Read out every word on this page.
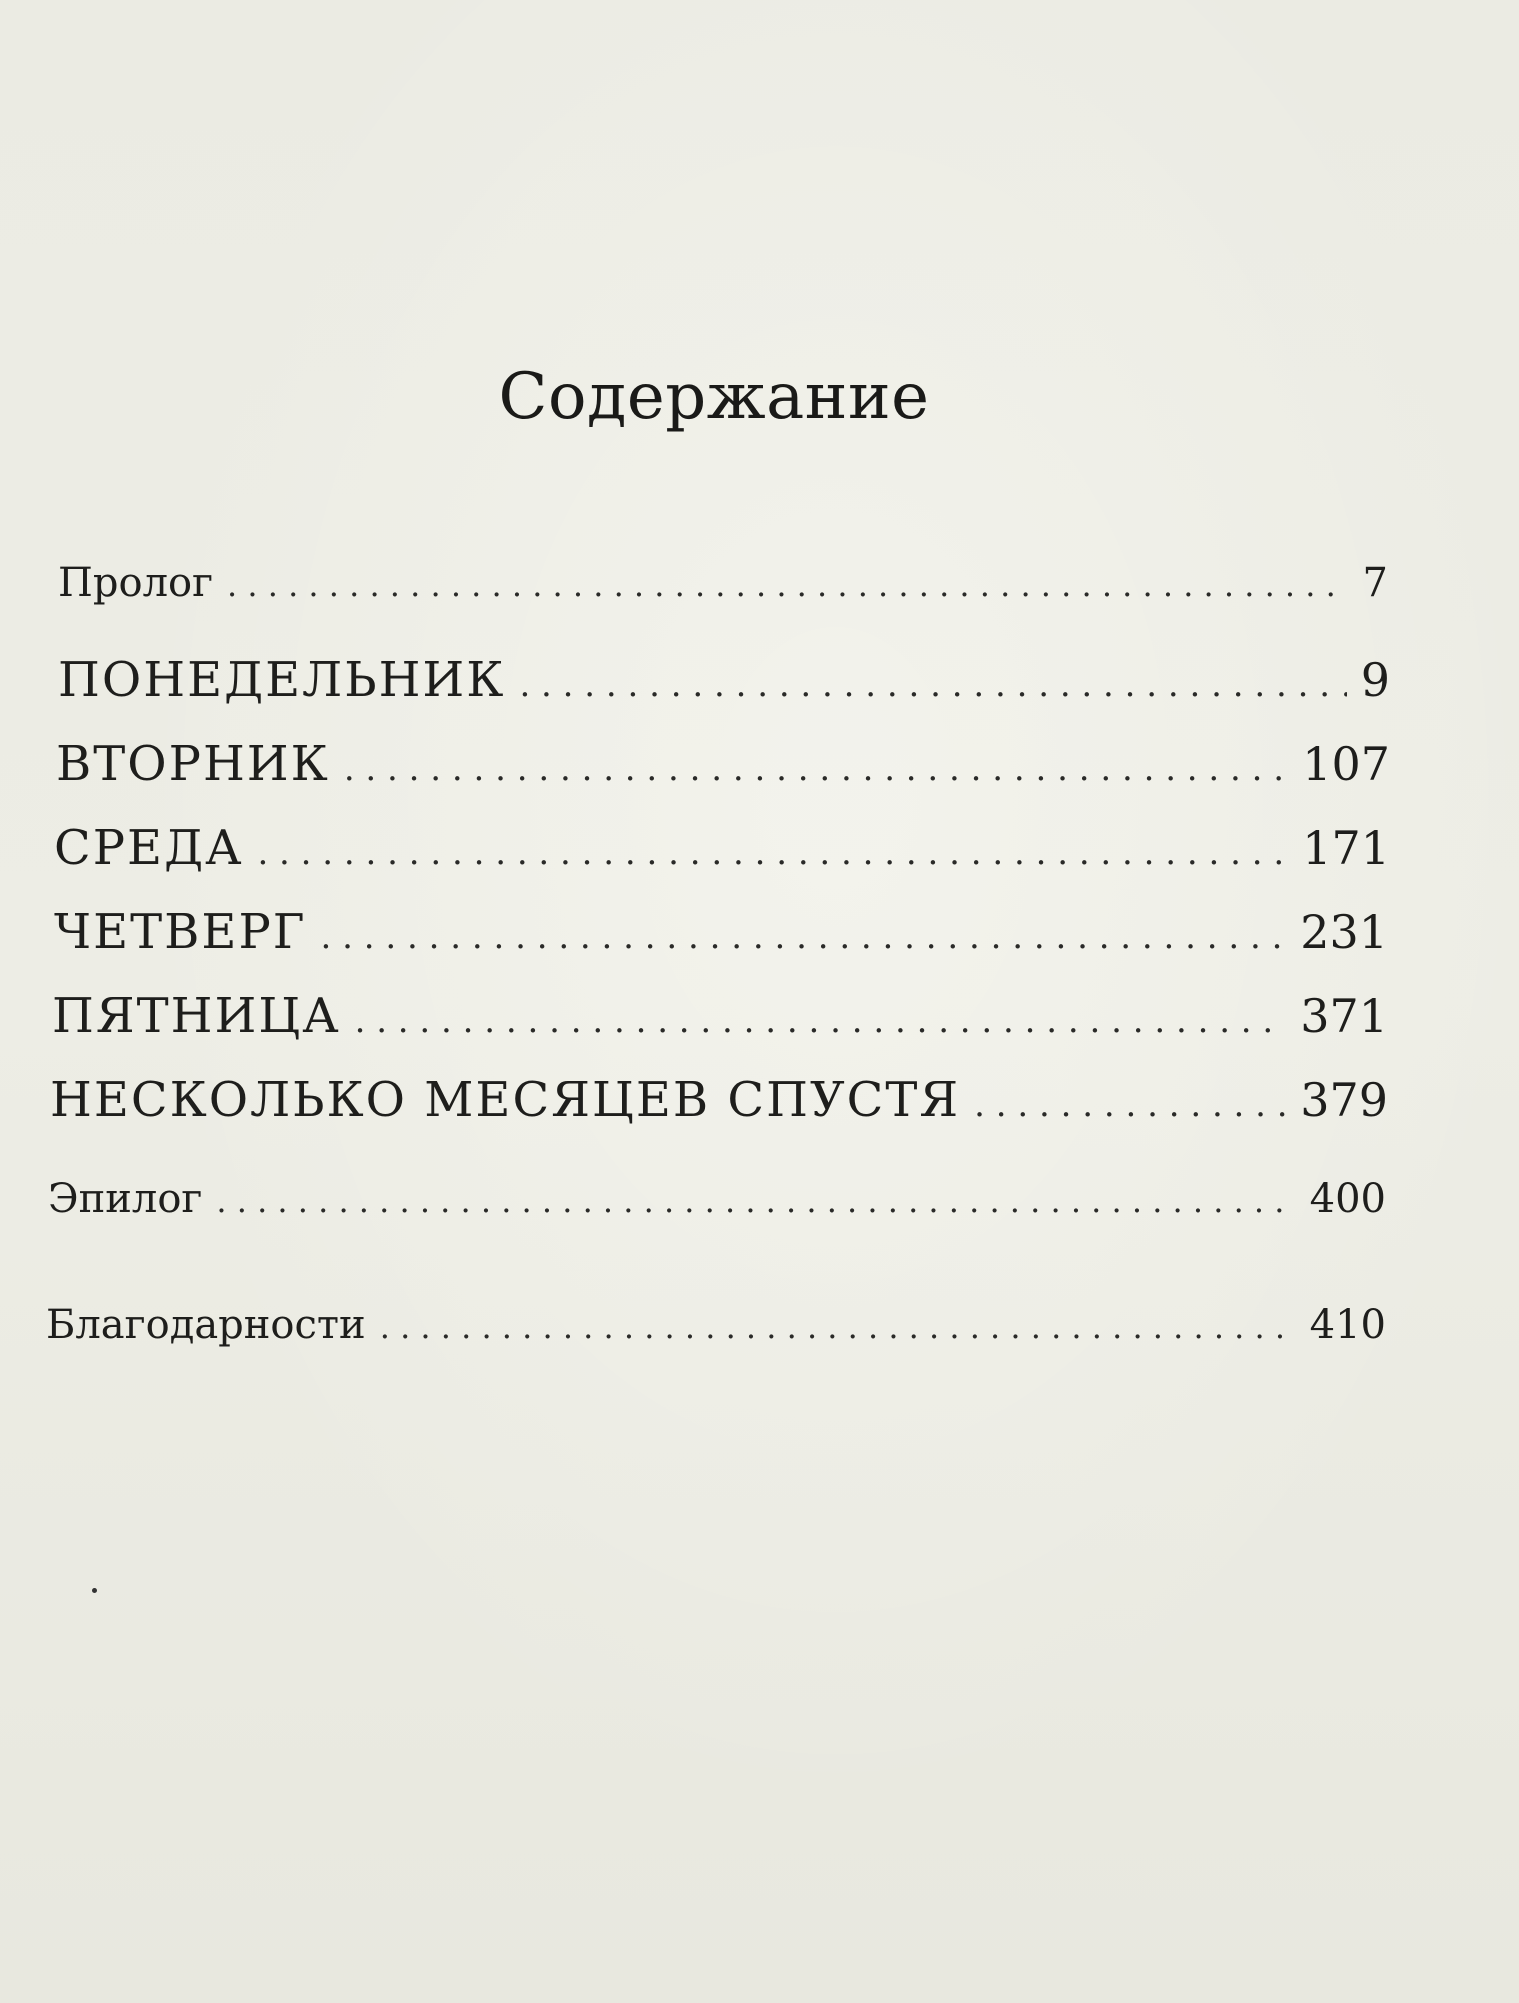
Содержание
Пролог . . .	7
ПОНЕДЕЛЬНИК . . .	9
ВТОРНИК . . .	107
СРЕДА . . .	171
ЧЕТВЕРГ . . .	231
ПЯТНИЦА . . .	371
НЕСКОЛЬКО МЕСЯЦЕВ СПУСТЯ . . .	379
Эпилог . . .	400
Благодарности . . .	410
